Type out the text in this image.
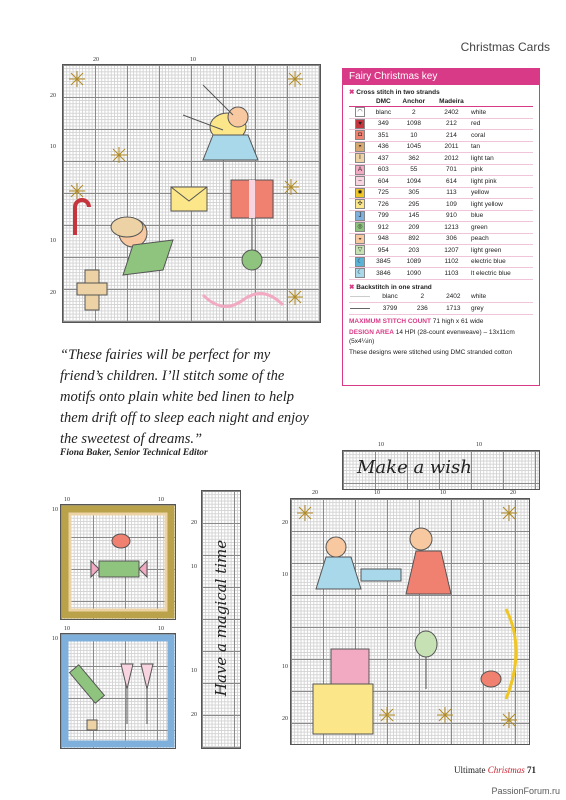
Christmas Cards
20	10
20
10
10
20
Fairy Christmas key
✖ Cross stitch in two strands
	DMC	Anchor	Madeira	
◠	blanc	2	2402	white
♥	349	1098	212	red
◘	351	10	214	coral
◓	436	1045	2011	tan
I	437	362	2012	light tan
A	603	55	701	pink
–	604	1094	614	light pink
✸	725	305	113	yellow
✣	726	295	109	light yellow
J	799	145	910	blue
◎	912	209	1213	green
◒	948	892	306	peach
▽	954	203	1207	light green
☾	3845	1089	1102	electric blue
☾	3846	1090	1103	lt electric blue
✖ Backstitch in one strand
	blanc	2	2402	white
	3799	236	1713	grey
MAXIMUM STITCH COUNT 71 high x 61 wide
DESIGN AREA 14 HPI (28-count evenweave) – 13x11cm (5x4¼in)
These designs were stitched using DMC stranded cotton
“These fairies will be perfect for my friend’s children. I’ll stitch some of the motifs onto plain white bed linen to help them drift off to sleep each night and enjoy the sweetest of dreams.”
Fiona Baker, Senior Technical Editor
Make a wish
10	10
10
10
10
10
10
10	Have a magical time
20
10
10
20
20	10	10	20
20
10
10
20
Ultimate Christmas 71
PassionForum.ru
